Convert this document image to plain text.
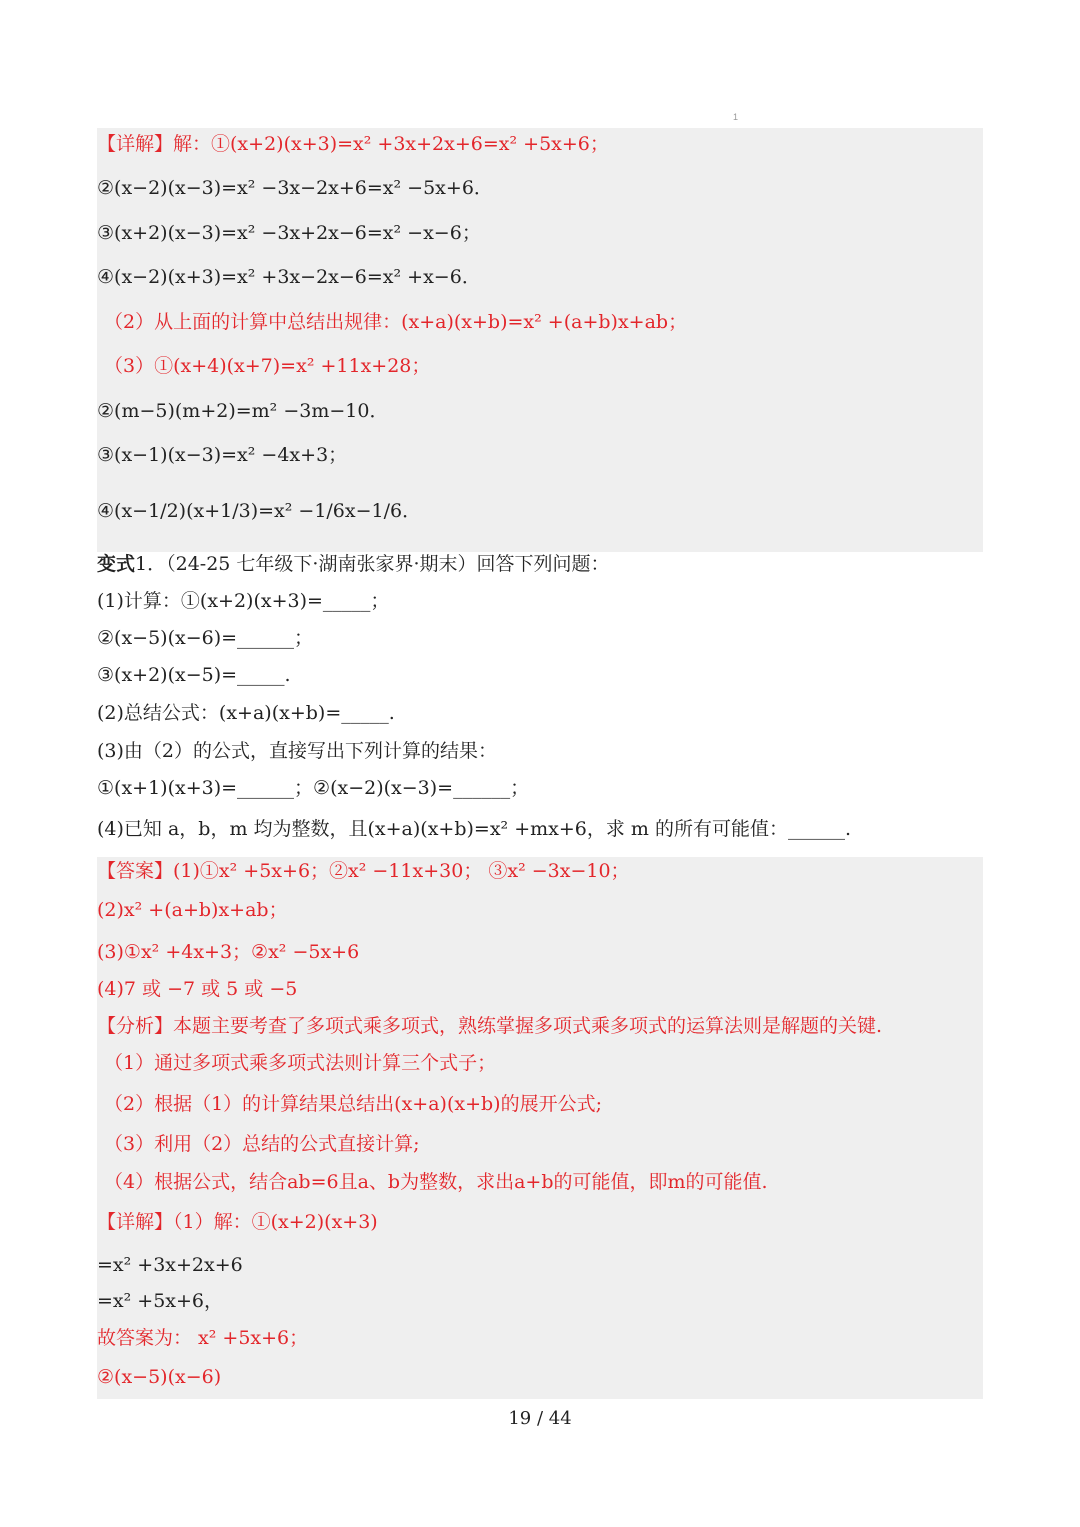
1
【详解】解：①(x+2)(x+3)=x² +3x+2x+6=x² +5x+6；
②(x−2)(x−3)=x² −3x−2x+6=x² −5x+6．
③(x+2)(x−3)=x² −3x+2x−6=x² −x−6；
④(x−2)(x+3)=x² +3x−2x−6=x² +x−6．
（2）从上面的计算中总结出规律：(x+a)(x+b)=x² +(a+b)x+ab；
（3）①(x+4)(x+7)=x² +11x+28；
②(m−5)(m+2)=m² −3m−10．
③(x−1)(x−3)=x² −4x+3；
④(x−1/2)(x+1/3)=x² −1/6x−1/6．
变式1．（24-25 七年级下·湖南张家界·期末）回答下列问题：
(1)计算：①(x+2)(x+3)=_____；
②(x−5)(x−6)=______；
③(x+2)(x−5)=_____.
(2)总结公式：(x+a)(x+b)=_____.
(3)由（2）的公式，直接写出下列计算的结果：
①(x+1)(x+3)=______；②(x−2)(x−3)=______；
(4)已知 a，b，m 均为整数，且(x+a)(x+b)=x² +mx+6，求 m 的所有可能值：______.
【答案】(1)①x² +5x+6；②x² −11x+30； ③x² −3x−10；
(2)x² +(a+b)x+ab；
(3)①x² +4x+3；②x² −5x+6
(4)7 或 −7 或 5 或 −5
【分析】本题主要考查了多项式乘多项式，熟练掌握多项式乘多项式的运算法则是解题的关键.
（1）通过多项式乘多项式法则计算三个式子；
（2）根据（1）的计算结果总结出(x+a)(x+b)的展开公式;
（3）利用（2）总结的公式直接计算;
（4）根据公式，结合ab=6且a、b为整数，求出a+b的可能值，即m的可能值.
【详解】（1）解：①(x+2)(x+3)
=x² +3x+2x+6
=x² +5x+6，
故答案为： x² +5x+6；
②(x−5)(x−6)
19 / 44
